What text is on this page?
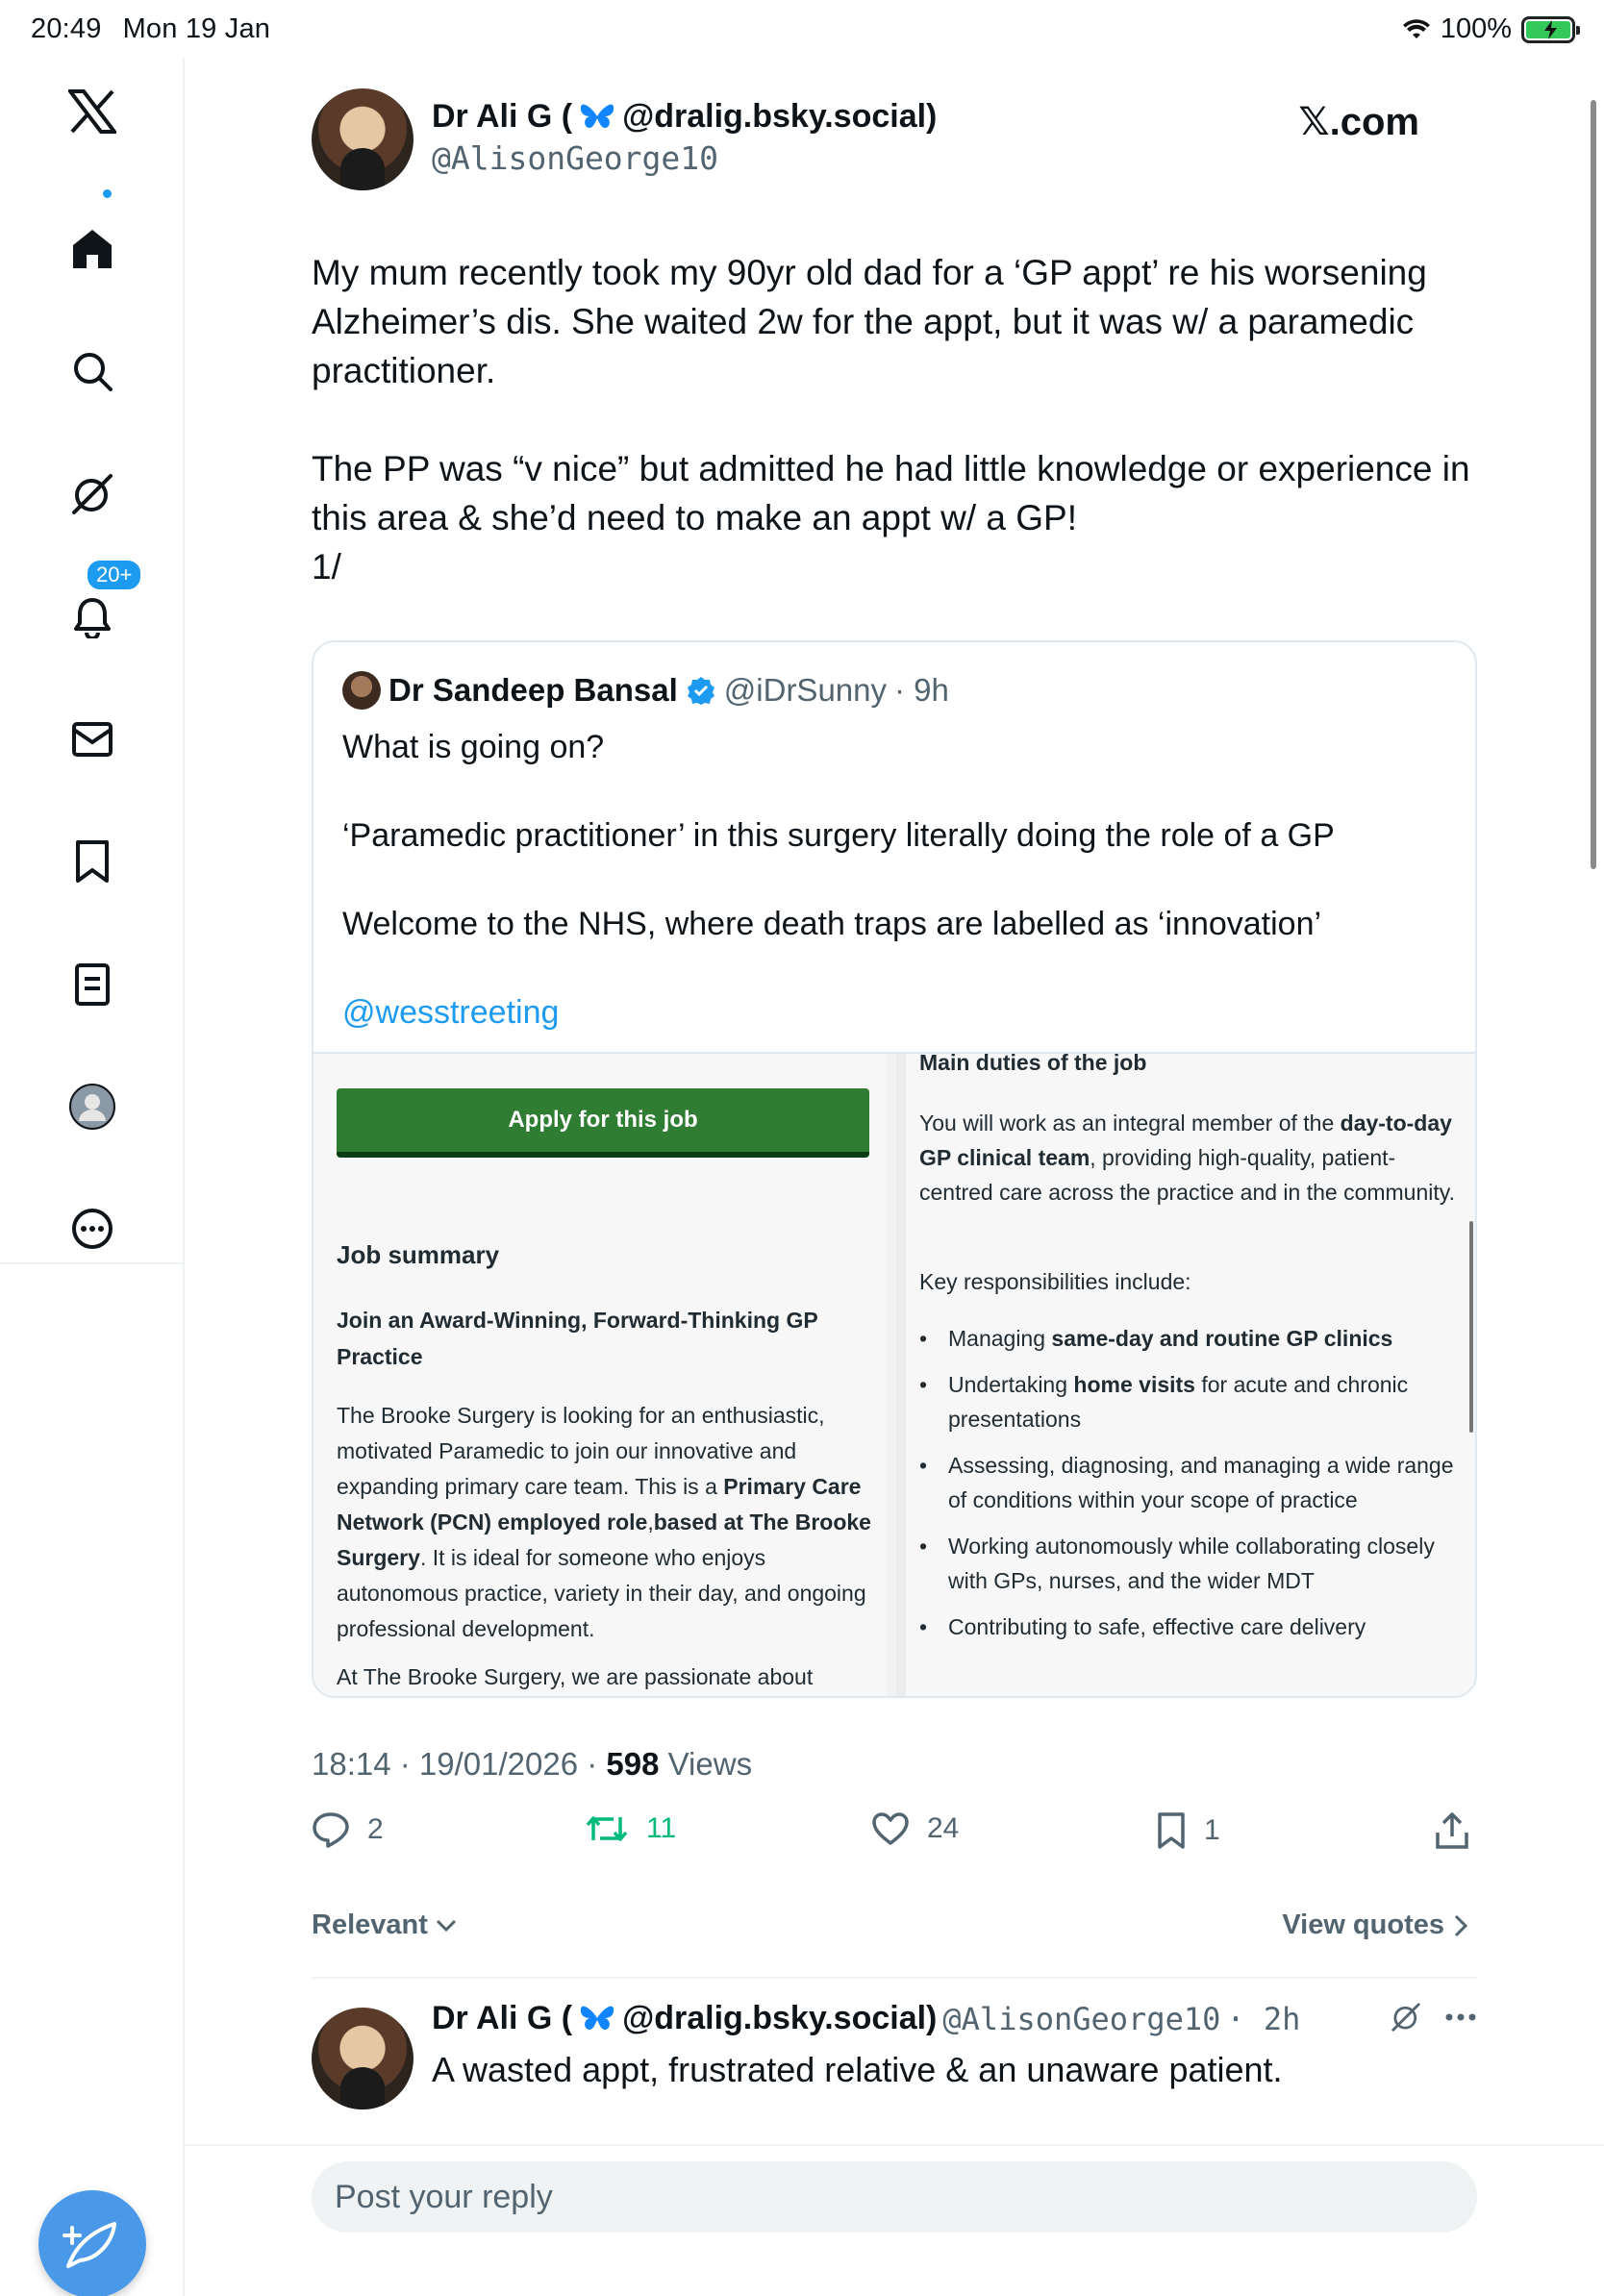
20:49 Mon 19 Jan	100%
20+
Dr Ali G ( @dralig.bsky.social)
@AlisonGeorge10
𝕏.com
My mum recently took my 90yr old dad for a ‘GP appt’ re his worsening Alzheimer’s dis. She waited 2w for the appt, but it was w/ a paramedic practitioner.

The PP was “v nice” but admitted he had little knowledge or experience in this area & she’d need to make an appt w/ a GP!
1/
Dr Sandeep Bansal @iDrSunny · 9h

What is going on?

‘Paramedic practitioner’ in this surgery literally doing the role of a GP

Welcome to the NHS, where death traps are labelled as ‘innovation’

@wesstreeting

Apply for this job
Job summary
Join an Award-Winning, Forward-Thinking GP Practice
The Brooke Surgery is looking for an enthusiastic, motivated Paramedic to join our innovative and expanding primary care team. This is a Primary Care Network (PCN) employed role,based at The Brooke Surgery. It is ideal for someone who enjoys autonomous practice, variety in their day, and ongoing professional development.
At The Brooke Surgery, we are passionate about
Main duties of the job
You will work as an integral member of the day-to-day GP clinical team, providing high-quality, patient-centred care across the practice and in the community.
Key responsibilities include:
• Managing same-day and routine GP clinics
• Undertaking home visits for acute and chronic presentations
• Assessing, diagnosing, and managing a wide range of conditions within your scope of practice
• Working autonomously while collaborating closely with GPs, nurses, and the wider MDT
• Contributing to safe, effective care delivery
18:14 · 19/01/2026 · 598 Views
2	11	24	1
Relevant	View quotes
Dr Ali G ( @dralig.bsky.social) @AlisonGeorge10 · 2h
A wasted appt, frustrated relative & an unaware patient.
Post your reply
